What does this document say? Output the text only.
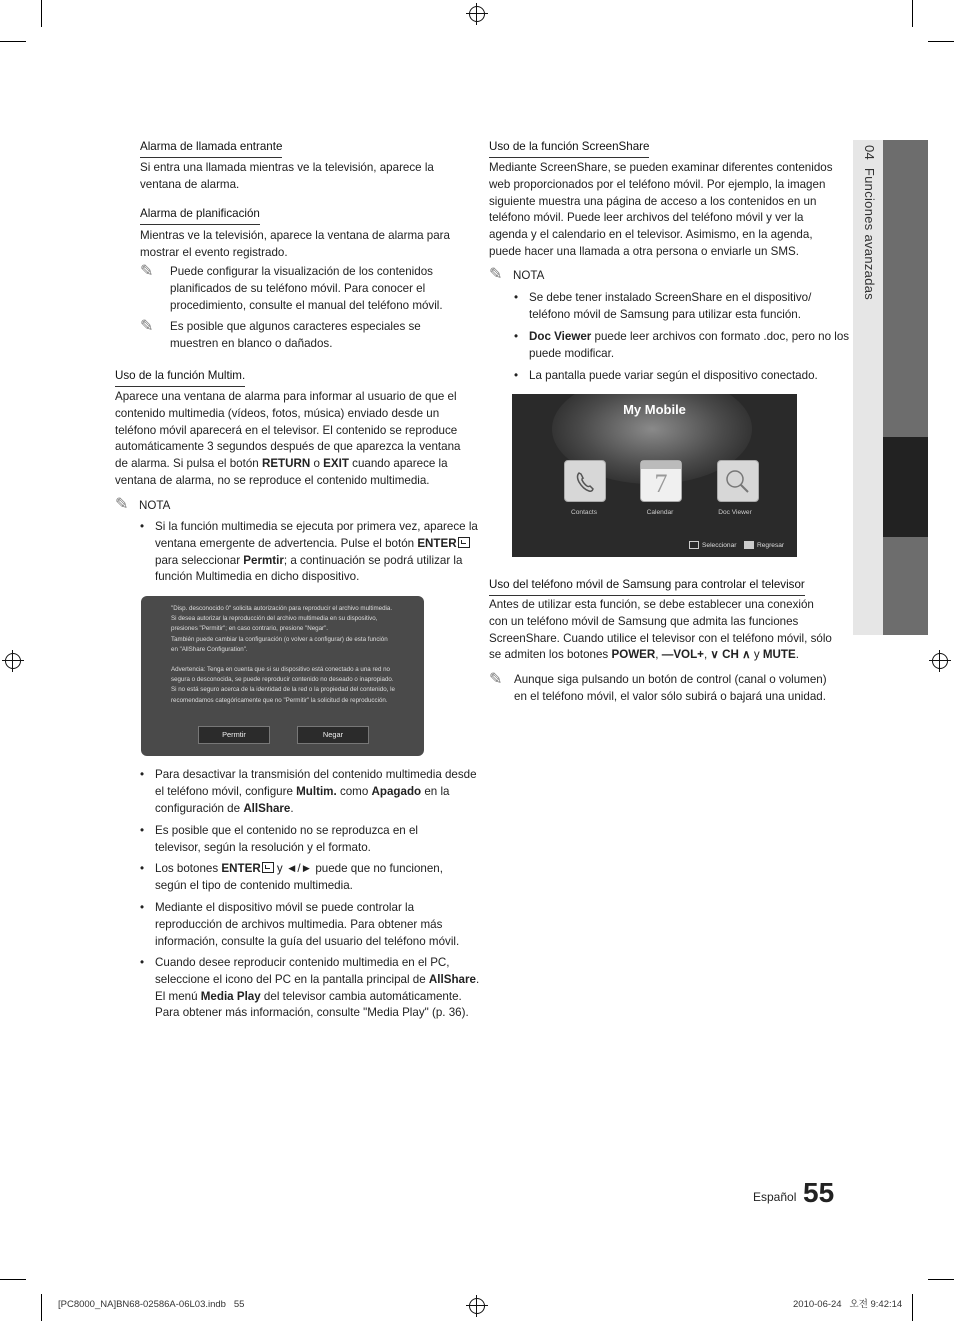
04  Funciones avanzadas
Alarma de llamada entrante
Si entra una llamada mientras ve la televisión, aparece la ventana de alarma.
Alarma de planificación
Mientras ve la televisión, aparece la ventana de alarma para mostrar el evento registrado.
✎ Puede configurar la visualización de los contenidos planificados de su teléfono móvil. Para conocer el procedimiento, consulte el manual del teléfono móvil.
✎ Es posible que algunos caracteres especiales se muestren en blanco o dañados.
Uso de la función Multim.
Aparece una ventana de alarma para informar al usuario de que el contenido multimedia (vídeos, fotos, música) enviado desde un teléfono móvil aparecerá en el televisor. El contenido se reproduce automáticamente 3 segundos después de que aparezca la ventana de alarma. Si pulsa el botón RETURN o EXIT cuando aparece la ventana de alarma, no se reproduce el contenido multimedia.
✎ NOTA
• Si la función multimedia se ejecuta por primera vez, aparece la ventana emergente de advertencia. Pulse el botón ENTER para seleccionar Permtir; a continuación se podrá utilizar la función Multimedia en dicho dispositivo.
"Disp. desconocido 0" solicita autorización para reproducir el archivo multimedia.
Si desea autorizar la reproducción del archivo multimedia en su dispositivo,
presiones "Permitir"; en caso contrario, presione "Negar".
También puede cambiar la configuración (o volver a configurar) de esta función
en "AllShare Configuration".
Advertencia: Tenga en cuenta que si su dispositivo está conectado a una red no
segura o desconocida, se puede reproducir contenido no deseado o inapropiado.
Si no está seguro acerca de la identidad de la red o la propiedad del contenido, le
recomendamos categóricamente que no "Permitir" la solicitud de reproducción.
Permtir	Negar
• Para desactivar la transmisión del contenido multimedia desde el teléfono móvil, configure Multim. como Apagado en la configuración de AllShare.
• Es posible que el contenido no se reproduzca en el televisor, según la resolución y el formato.
• Los botones ENTER y ◄/► puede que no funcionen, según el tipo de contenido multimedia.
• Mediante el dispositivo móvil se puede controlar la reproducción de archivos multimedia. Para obtener más información, consulte la guía del usuario del teléfono móvil.
• Cuando desee reproducir contenido multimedia en el PC, seleccione el icono del PC en la pantalla principal de AllShare. El menú Media Play del televisor cambia automáticamente. Para obtener más información, consulte "Media Play" (p. 36).
Uso de la función ScreenShare
Mediante ScreenShare, se pueden examinar diferentes contenidos web proporcionados por el teléfono móvil. Por ejemplo, la imagen siguiente muestra una página de acceso a los contenidos en un teléfono móvil. Puede leer archivos del teléfono móvil y ver la agenda y el calendario en el televisor. Asimismo, en la agenda, puede hacer una llamada a otra persona o enviarle un SMS.
✎ NOTA
• Se debe tener instalado ScreenShare en el dispositivo/ teléfono móvil de Samsung para utilizar esta función.
• Doc Viewer puede leer archivos con formato .doc, pero no los puede modificar.
• La pantalla puede variar según el dispositivo conectado.
My Mobile
Contacts
7
Calendar	Doc Viewer
Seleccionar	Regresar
Uso del teléfono móvil de Samsung para controlar el televisor
Antes de utilizar esta función, se debe establecer una conexión con un teléfono móvil de Samsung que admita las funciones ScreenShare. Cuando utilice el televisor con el teléfono móvil, sólo se admiten los botones POWER, —VOL+, ∨ CH ∧ y MUTE.
✎ Aunque siga pulsando un botón de control (canal o volumen) en el teléfono móvil, el valor sólo subirá o bajará una unidad.
Español 55
[PC8000_NA]BN68-02586A-06L03.indb   55	2010-06-24   오전 9:42:14
